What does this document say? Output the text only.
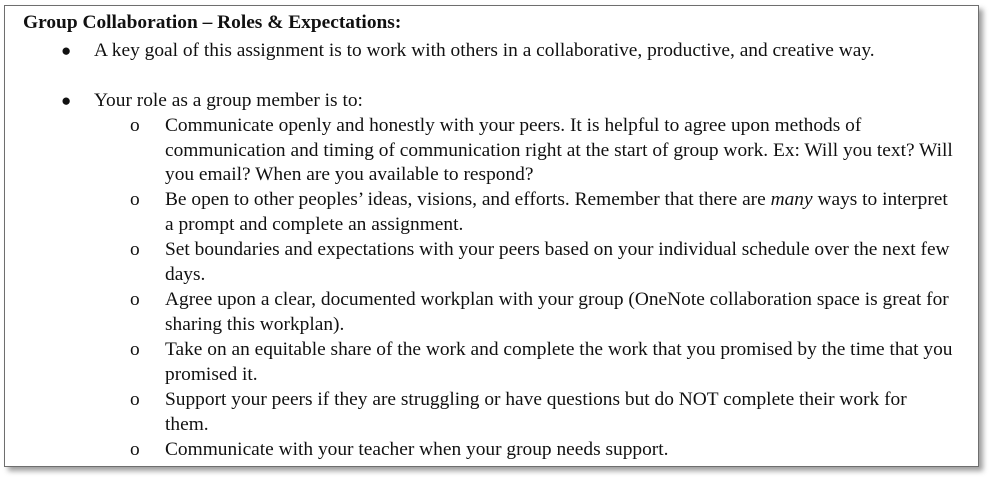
Group Collaboration – Roles & Expectations:
● A key goal of this assignment is to work with others in a collaborative, productive, and creative way.
● Your role as a group member is to:
o Communicate openly and honestly with your peers. It is helpful to agree upon methods of communication and timing of communication right at the start of group work. Ex: Will you text? Will you email? When are you available to respond?
o Be open to other peoples’ ideas, visions, and efforts. Remember that there are many ways to interpret a prompt and complete an assignment.
o Set boundaries and expectations with your peers based on your individual schedule over the next few days.
o Agree upon a clear, documented workplan with your group (OneNote collaboration space is great for sharing this workplan).
o Take on an equitable share of the work and complete the work that you promised by the time that you promised it.
o Support your peers if they are struggling or have questions but do NOT complete their work for them.
o Communicate with your teacher when your group needs support.
